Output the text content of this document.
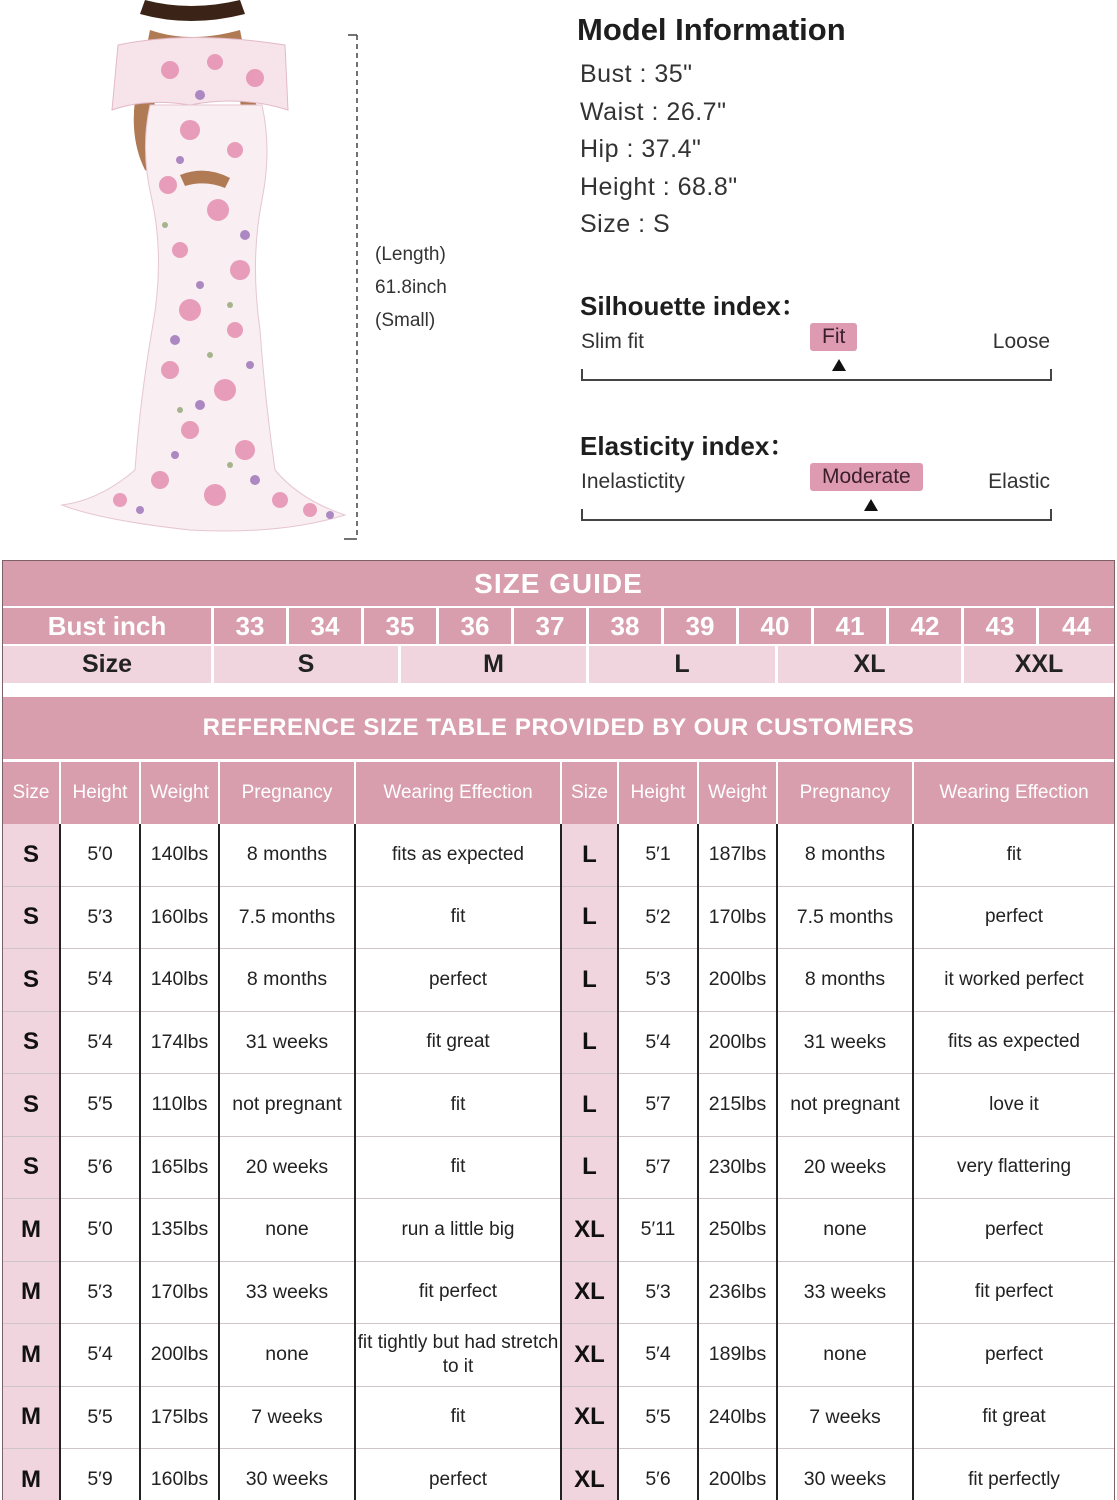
(Length)
61.8inch
(Small)
Model Information
Bust : 35"
Waist : 26.7"
Hip : 37.4"
Height : 68.8"
Size : S
Silhouette index：
Slim fit	Fit	Loose
Elasticity index：
Inelastictity	Moderate	Elastic
SIZE GUIDE
Bust inch	33	34	35	36	37	38	39	40	41	42	43	44
Size	S	M	L	XL	XXL
REFERENCE SIZE TABLE PROVIDED BY OUR CUSTOMERS
Size	Height	Weight	Pregnancy	Wearing Effection	Size	Height	Weight	Pregnancy	Wearing Effection
S	5′0	140lbs	8 months	fits as expected	L	5′1	187lbs	8 months	fit
S	5′3	160lbs	7.5 months	fit	L	5′2	170lbs	7.5 months	perfect
S	5′4	140lbs	8 months	perfect	L	5′3	200lbs	8 months	it worked perfect
S	5′4	174lbs	31 weeks	fit great	L	5′4	200lbs	31 weeks	fits as expected
S	5′5	110lbs	not pregnant	fit	L	5′7	215lbs	not pregnant	love it
S	5′6	165lbs	20 weeks	fit	L	5′7	230lbs	20 weeks	very flattering
M	5′0	135lbs	none	run a little big	XL	5′11	250lbs	none	perfect
M	5′3	170lbs	33 weeks	fit perfect	XL	5′3	236lbs	33 weeks	fit perfect
M	5′4	200lbs	none	fit tightly but had stretch to it	XL	5′4	189lbs	none	perfect
M	5′5	175lbs	7 weeks	fit	XL	5′5	240lbs	7 weeks	fit great
M	5′9	160lbs	30 weeks	perfect	XL	5′6	200lbs	30 weeks	fit perfectly
